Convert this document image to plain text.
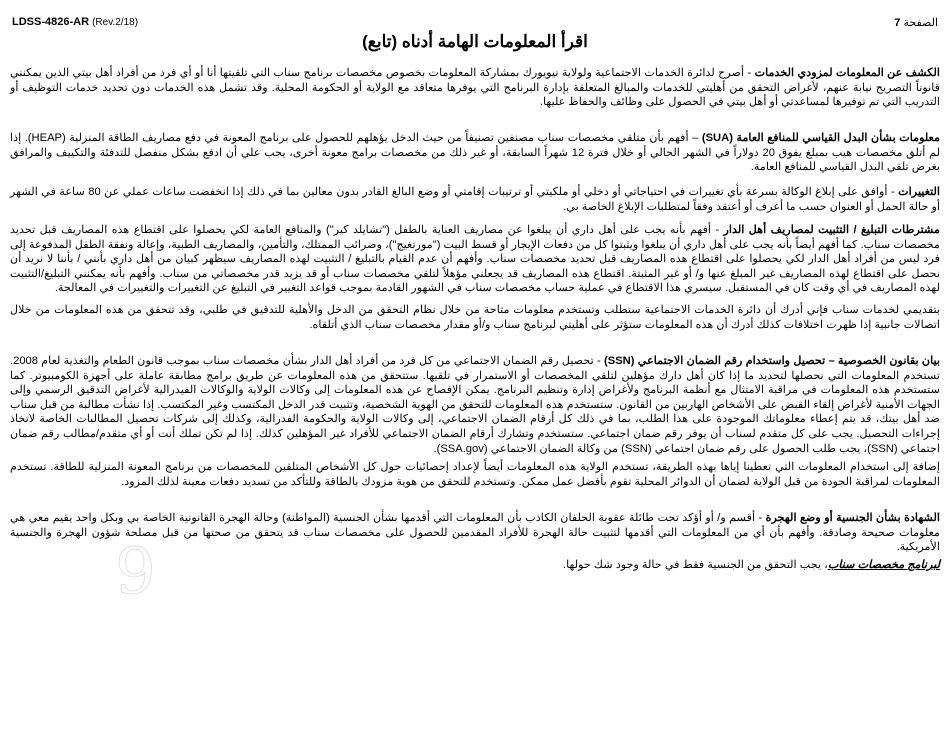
LDSS-4826-AR (Rev.2/18)	الصفحة 7
اقرأ المعلومات الهامة أدناه (تابع)
الكشف عن المعلومات لمزودي الخدمات - أصرح لدائرة الخدمات الاجتماعية ولولاية نيويورك بمشاركة المعلومات بخصوص مخصصات برنامج سناب التي تلقيتها أنا أو أي فرد من أفراد أهل بيتي الذين يمكنني قانوناً التصريح نيابة عنهم، لأغراض التحقق من أهليتي للخدمات والمبالغ المتعلقة بإدارة البرنامج التي يوفرها متعاقد مع الولاية أو الحكومة المحلية. وقد تشمل هذه الخدمات دون تحديد خدمات التوظيف أو التدريب التي تم توفيرها لمساعدتي أو أهل بيتي في الحصول على وظائف والحفاظ عليها.
معلومات بشأن البدل القياسي للمنافع العامة (SUA) – أفهم بأن متلقي مخصصات سناب مصنفين تصنيفاً من حيث الدخل يؤهلهم للحصول على برنامج المعونة في دفع مصاريف الطاقة المنزلية (HEAP). إذا لم أتلق مخصصات هيب بمبلغ يفوق 20 دولاراً في الشهر الحالي أو خلال فترة 12 شهراً السابقة، أو غير ذلك من مخصصات برامج معونة أخرى، يجب علي أن ادفع بشكل منفصل للتدفئة والتكييف والمرافق بغرض تلقي البدل القياسي للمنافع العامة.
التغييرات - أوافق على إبلاغ الوكالة بسرعة بأي تغييرات في احتياجاتي أو دخلي أو ملكيتي أو ترتيبات إقامتي أو وضع البالغ القادر بدون معالين بما في ذلك إذا انخفضت ساعات عملي عن 80 ساعة في الشهر أو حالة الحمل أو العنوان حسب ما أعرف أو أعتقد وفقاً لمتطلبات الإبلاغ الخاصة بي.
مشترطات التبليغ / التثبيت لمصاريف أهل الدار - أفهم بأنه يجب على أهل داري أن يبلغوا عن مصاريف العناية بالطفل ("تشايلد كير") والمنافع العامة لكي يحصلوا على اقتطاع هذه المصاريف قبل تحديد مخصصات سناب. كما أفهم أيضاً بأنه يجب على أهل داري أن يبلغوا ويثبتوا كل من دفعات الإيجار أو قسط البيت ("مورتغيج")، وضرائب الممتلك، والتأمين، والمصاريف الطبية، وإعالة ونفقة الطفل المدفوعة إلى فرد ليس من أفراد أهل الدار لكي يحصلوا على اقتطاع هذه المصاريف قبل تحديد مخصصات سناب. وأفهم أن عدم القيام بالتبليغ / التثبيت لهذه المصاريف سيظهر كبيان من أهل داري بأنني / بأننا لا نريد أن نحصل على اقتطاع لهذه المصاريف غير المبلغ عنها و/ أو غير المثبتة. اقتطاع هذه المصاريف قد يجعلني مؤهلاً لتلقي مخصصات سناب أو قد يزيد قدر مخصصاتي من سناب. وأفهم بأنه يمكنني التبليغ/التثبيت لهذه المصاريف في أي وقت كان في المستقبل. سيسري هذا الاقتطاع في عملية حساب مخصصات سناب في الشهور القادمة بموجب قواعد التغيير في التبليغ عن التغييرات والتغييرات في المعالجة.
بتقديمي لخدمات سناب فإني أدرك أن دائرة الخدمات الاجتماعية ستطلب وتستخدم معلومات متاحة من خلال نظام التحقق من الدخل والأهلية للتدقيق في طلبي، وقد تتحقق من هذه المعلومات من خلال اتصالات جانبية إذا ظهرت اختلافات كذلك أدرك أن هذه المعلومات ستؤثر على أهليتي لبرنامج سناب و/أو مقدار مخصصات سناب الذي أتلقاه.
بيان بقانون الخصوصية – تحصيل واستخدام رقم الضمان الاجتماعي (SSN) - تحصيل رقم الضمان الاجتماعي من كل فرد من أفراد أهل الدار بشأن مخصصات سناب بموجب قانون الطعام والتغذية لعام 2008. تستخدم المعلومات التي نحصلها لتحديد ما إذا كان أهل دارك مؤهلين لتلقي المخصصات أو الاستمرار في تلقيها. ستتحقق من هذه المعلومات عن طريق برامج مطابقة عاملة على أجهزة الكومبيوتر. كما ستستخدم هذه المعلومات في مراقبة الامتثال مع أنظمة البرنامج ولأغراض إدارة وتنظيم البرنامج. يمكن الإفصاح عن هذه المعلومات إلى وكالات الولاية والوكالات الفيدرالية لأغراض التدقيق الرسمي وإلى الجهات الأمنية لأغراض إلقاء القبض على الأشخاص الهاربين من القانون. ستستخدم هذه المعلومات للتحقق من الهوية الشخصية، وتثبيت قدر الدخل المكتسب وغير المكتسب. إذا نشأت مطالبة من قبل سناب ضد أهل بيتك، قد يتم إعطاء معلوماتك الموجودة على هذا الطلب، بما في ذلك كل أرقام الضمان الاجتماعي، إلى وكالات الولاية والحكومة الفدرالية، وكذلك إلى شركات تحصيل المطالبات الخاصة لاتخاذ إجراءات التحصيل. يجب على كل متقدم لسناب أن يوفر رقم ضمان اجتماعي. ستستخدم وتشارك أرقام الضمان الاجتماعي للأفراد غير المؤهلين كذلك. إذا لم تكن تملك أنت أو أي متقدم/مطالب رقم ضمان اجتماعي (SSN)، يجب طلب الحصول على رقم ضمان اجتماعي (SSN) من وكالة الضمان الاجتماعي (SSA.gov).
إضافة إلى استخدام المعلومات التي تعطينا إياها بهذه الطريقة، تستخدم الولاية هذه المعلومات أيضاً لإعداد إحصائيات حول كل الأشخاص المتلقين للمخصصات من برنامج المعونة المنزلية للطاقة. تستخدم المعلومات لمراقبة الجودة من قبل الولاية لضمان أن الدوائر المحلية تقوم بأفضل عمل ممكن. وتستخدم للتحقق من هوية مزودك بالطاقة وللتأكد من تسديد دفعات معينة لذلك المزود.
الشهادة بشأن الجنسية أو وضع الهجرة - أقسم و/ أو أؤكد تحت طائلة عقوبة الحلفان الكاذب بأن المعلومات التي أقدمها بشأن الجنسية (المواطنة) وحالة الهجرة القانونية الخاصة بي وبكل واحد يقيم معي هي معلومات صحيحة وصادقة. وأفهم بأن أي من المعلومات التي أقدمها لتثبيت حالة الهجرة للأفراد المقدمين للحصول على مخصصات سناب قد يتحقق من صحتها من قبل مصلحة شؤون الهجرة والجنسية الأمريكية.
لبرنامج مخصصات سناب، يجب التحقق من الجنسية فقط في حالة وجود شك حولها.
9
